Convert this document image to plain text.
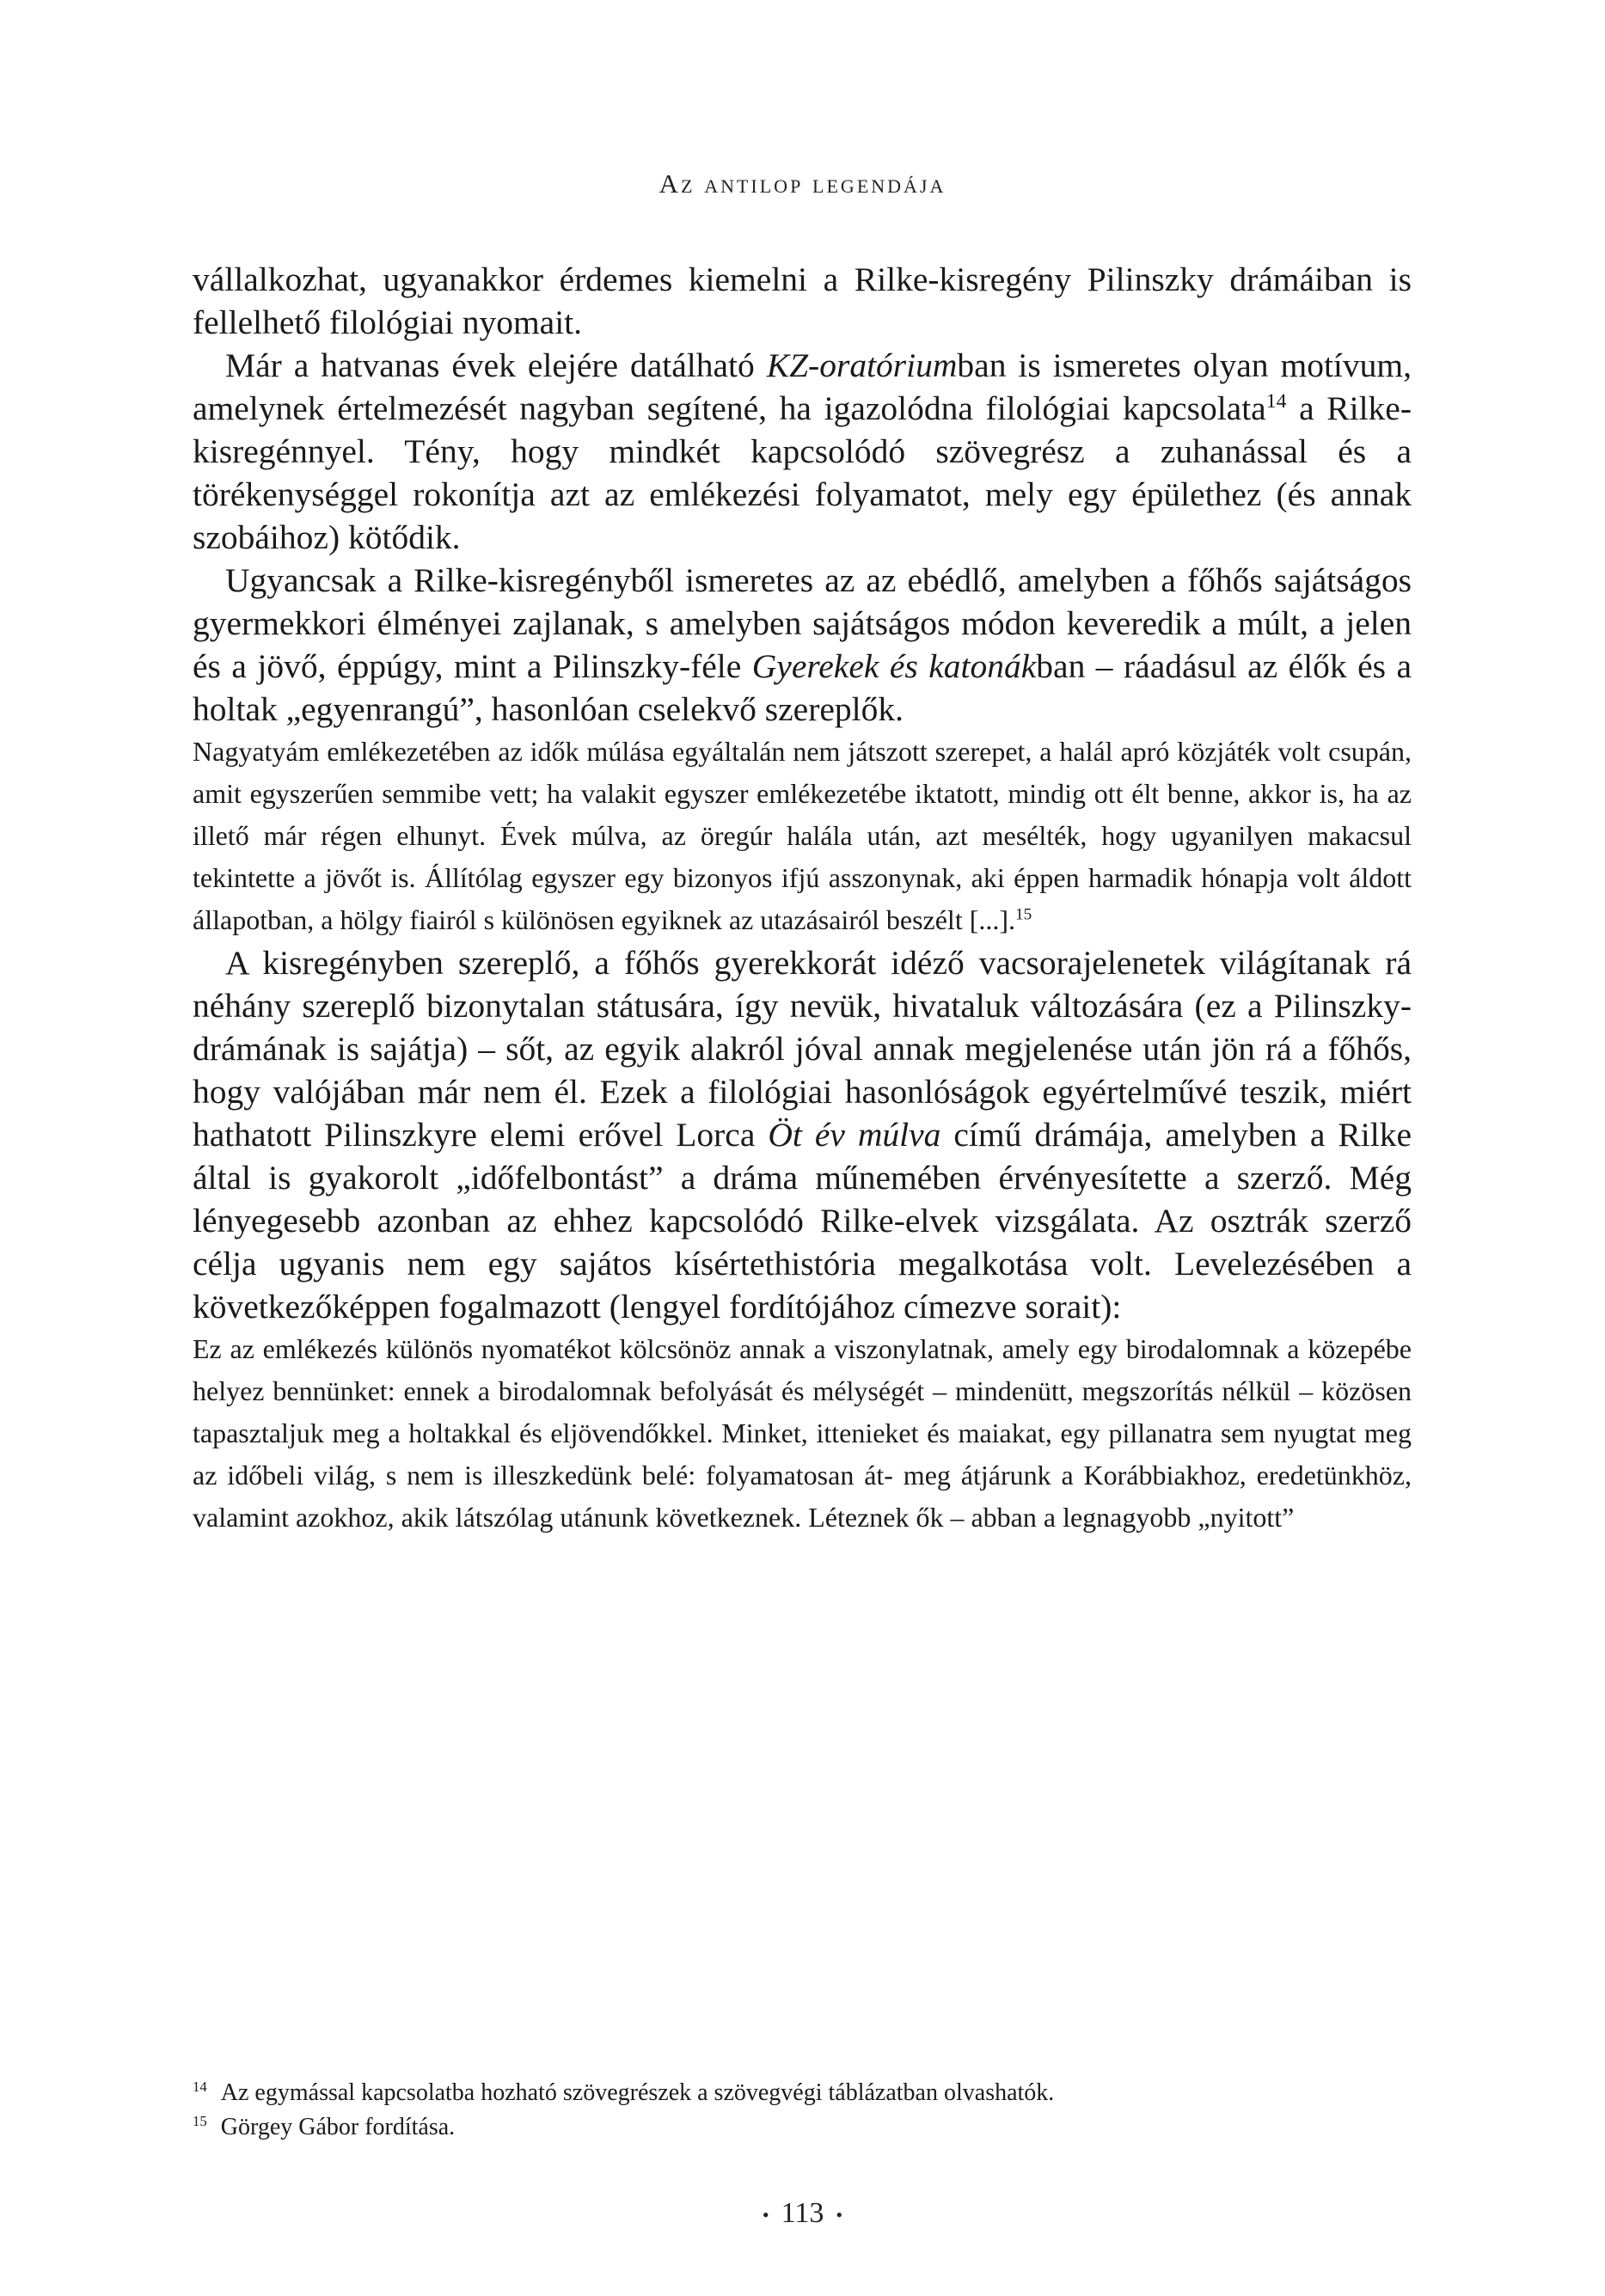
Az antilop legendája

vállalkozhat, ugyanakkor érdemes kiemelni a Rilke-kisregény Pilinszky drámáiban is fellelhető filológiai nyomait.

Már a hatvanas évek elejére datálható KZ-oratóriumban is ismeretes olyan motívum, amelynek értelmezését nagyban segítené, ha igazolódna filológiai kapcsolata$^{14}$ a Rilke-kisregénnyel. Tény, hogy mindkét kapcsolódó szövegrész a zuhanással és a törékenységgel rokonítja azt az emlékezési folyamatot, mely egy épülethez (és annak szobáihoz) kötődik.

Ugyancsak a Rilke-kisregényből ismeretes az az ebédlő, amelyben a főhős sajátságos gyermekkori élményei zajlanak, s amelyben sajátságos módon keveredik a múlt, a jelen és a jövő, éppúgy, mint a Pilinszky-féle Gyerekek és katonákban – ráadásul az élők és a holtak „egyenrangú”, hasonlóan cselekvő szereplők.

Nagyatyám emlékezetében az idők múlása egyáltalán nem játszott szerepet, a halál apró közjáték volt csupán, amit egyszerűen semmibe vett; ha valakit egyszer emlékezetébe iktatott, mindig ott élt benne, akkor is, ha az illető már régen elhunyt. Évek múlva, az öregúr halála után, azt mesélték, hogy ugyanilyen makacsul tekintette a jövőt is. Állítólag egyszer egy bizonyos ifjú asszonynak, aki éppen harmadik hónapja volt áldott állapotban, a hölgy fiairól s különösen egyiknek az utazásairól beszélt [...].$^{15}$

A kisregényben szereplő, a főhős gyerekkorát idéző vacsorajelenetek világítanak rá néhány szereplő bizonytalan státusára, így nevük, hivataluk változására (ez a Pilinszky-drámának is sajátja) – sőt, az egyik alakról jóval annak megjelenése után jön rá a főhős, hogy valójában már nem él. Ezek a filológiai hasonlóságok egyértelművé teszik, miért hathatott Pilinszkyre elemi erővel Lorca Öt év múlva című drámája, amelyben a Rilke által is gyakorolt „időfelbontást” a dráma műnemében érvényesítette a szerző. Még lényegesebb azonban az ehhez kapcsolódó Rilke-elvek vizsgálata. Az osztrák szerző célja ugyanis nem egy sajátos kísértethistória megalkotása volt. Levelezésében a következőképpen fogalmazott (lengyel fordítójához címezve sorait):

Ez az emlékezés különös nyomatékot kölcsönöz annak a viszonylatnak, amely egy birodalomnak a közepébe helyez bennünket: ennek a birodalomnak befolyását és mélységét – mindenütt, megszorítás nélkül – közösen tapasztaljuk meg a holtakkal és eljövendőkkel. Minket, ittenieket és maiakat, egy pillanatra sem nyugtat meg az időbeli világ, s nem is illeszkedünk belé: folyamatosan át- meg átjárunk a Korábbiakhoz, eredetünkhöz, valamint azokhoz, akik látszólag utánunk következnek. Léteznek ők – abban a legnagyobb „nyitott”

$^{14}$ Az egymással kapcsolatba hozható szövegrészek a szövegvégi táblázatban olvashatók.

$^{15}$ Görgey Gábor fordítása.

• 113 •
